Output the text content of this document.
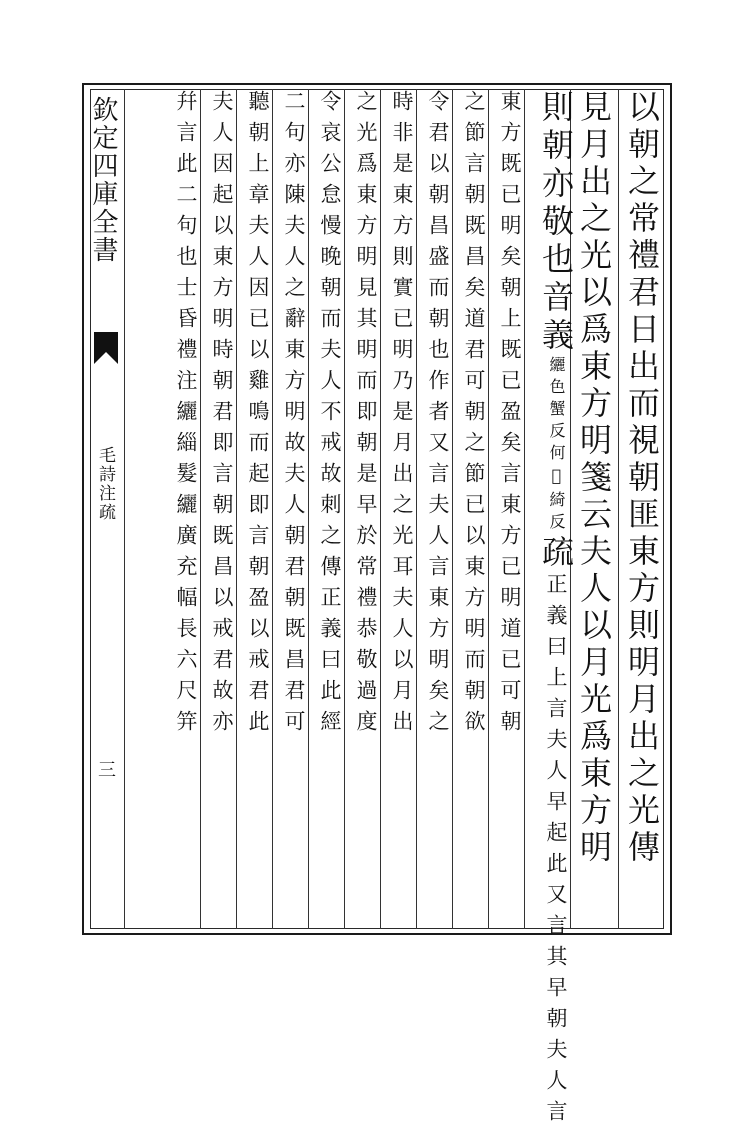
欽定四庫全書
毛詩注疏
三	以朝之常禮君日出而視朝匪東方則明月出之光傳
見月出之光以爲東方明箋云夫人以月光爲東方明
則朝亦敬也音義纚色蟹反何󱐬綺反疏正義曰上言夫人早起此又言其早朝夫人言
東方既已明矣朝上既已盈矣言東方已明道已可朝
之節言朝既昌矣道君可朝之節已以東方明而朝欲
令君以朝昌盛而朝也作者又言夫人言東方明矣之
時非是東方則實已明乃是月出之光耳夫人以月出
之光爲東方明見其明而即朝是早於常禮恭敬過度
令哀公怠慢晚朝而夫人不戒故刺之傳正義曰此經
二句亦陳夫人之辭東方明故夫人朝君朝既昌君可
聽朝上章夫人因已以雞鳴而起即言朝盈以戒君此
夫人因起以東方明時朝君即言朝既昌以戒君故亦
幷言此二句也士昏禮注纚緇髮纚廣充幅長六尺笄
